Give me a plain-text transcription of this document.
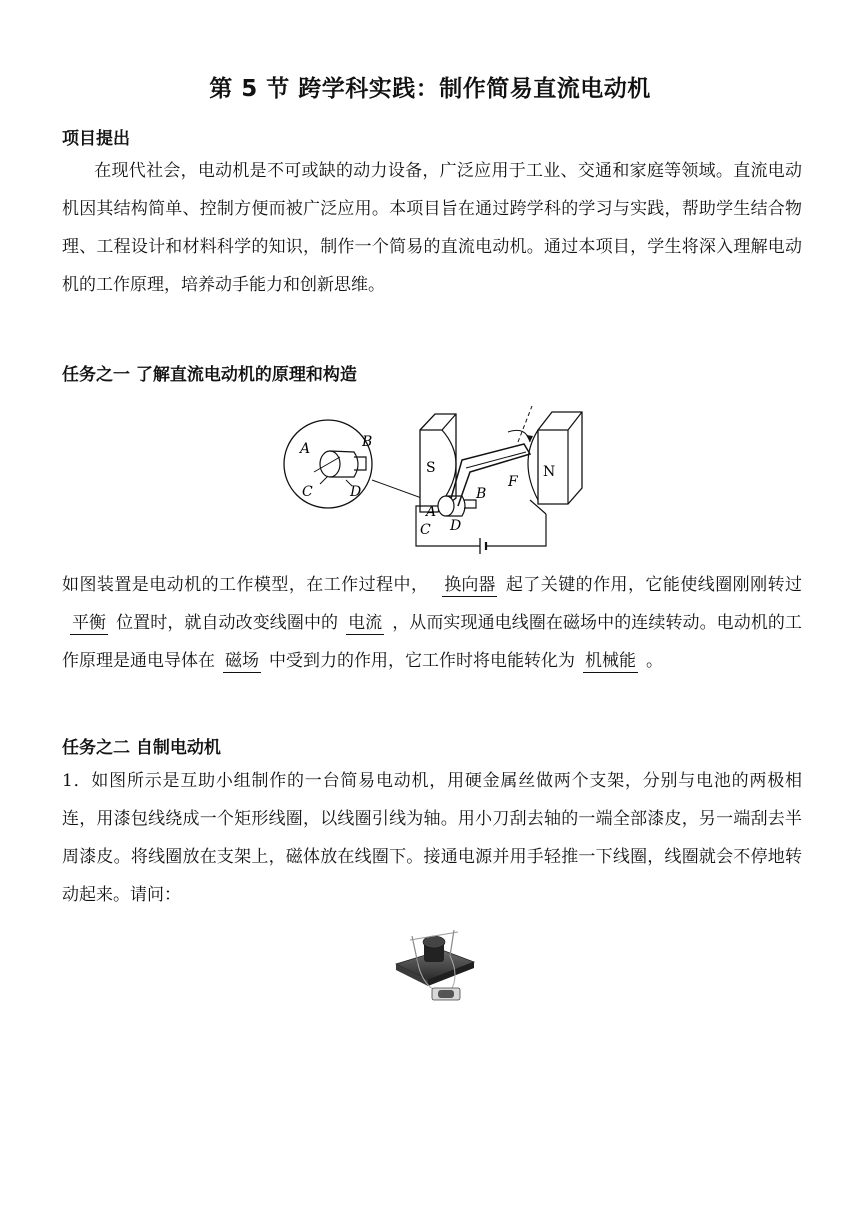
第 5 节 跨学科实践：制作简易直流电动机
项目提出
在现代社会，电动机是不可或缺的动力设备，广泛应用于工业、交通和家庭等领域。直流电动机因其结构简单、控制方便而被广泛应用。本项目旨在通过跨学科的学习与实践，帮助学生结合物理、工程设计和材料科学的知识，制作一个简易的直流电动机。通过本项目，学生将深入理解电动机的工作原理，培养动手能力和创新思维。
任务之一 了解直流电动机的原理和构造
A	B
C	D
S	N
F
B
A
C D
如图装置是电动机的工作模型，在工作过程中， 换向器 起了关键的作用，它能使线圈刚刚转过平衡 位置时，就自动改变线圈中的 电流 ，从而实现通电线圈在磁场中的连续转动。电动机的工作原理是通电导体在 磁场 中受到力的作用，它工作时将电能转化为 机械能 。
任务之二 自制电动机
1．如图所示是互助小组制作的一台简易电动机，用硬金属丝做两个支架，分别与电池的两极相连，用漆包线绕成一个矩形线圈，以线圈引线为轴。用小刀刮去轴的一端全部漆皮，另一端刮去半周漆皮。将线圈放在支架上，磁体放在线圈下。接通电源并用手轻推一下线圈，线圈就会不停地转动起来。请问：
